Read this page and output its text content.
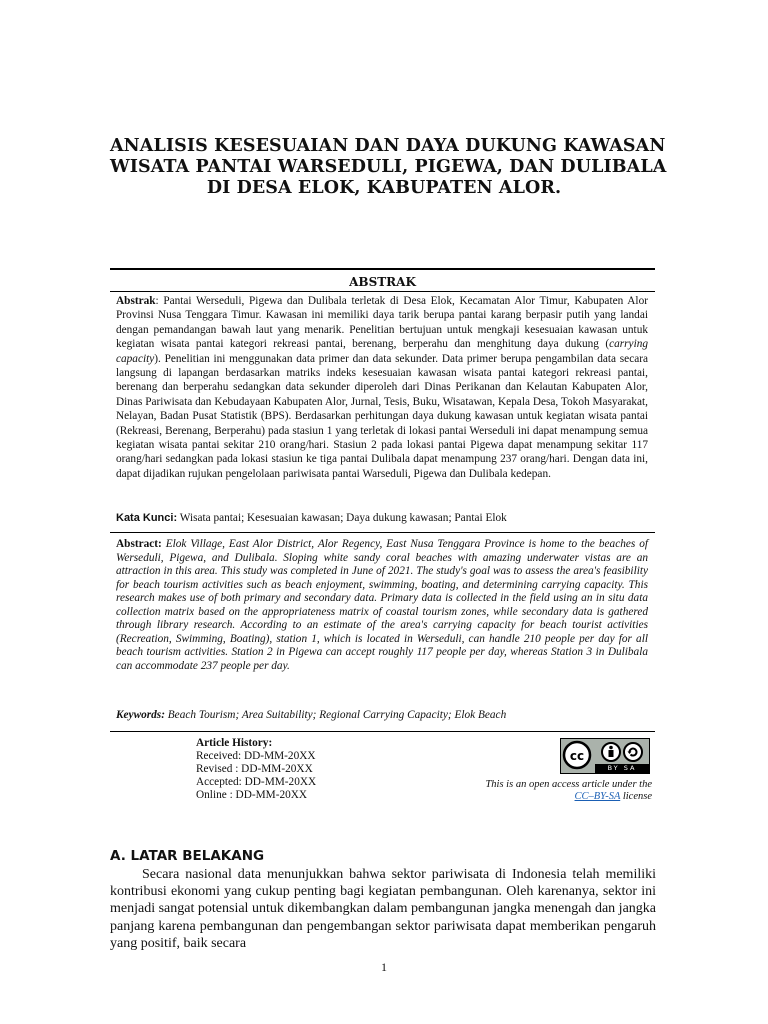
ANALISIS KESESUAIAN DAN DAYA DUKUNG KAWASAN
WISATA PANTAI WARSEDULI, PIGEWA, DAN DULIBALA
DI DESA ELOK, KABUPATEN ALOR.
ABSTRAK
Abstrak: Pantai Werseduli, Pigewa dan Dulibala terletak di Desa Elok, Kecamatan Alor Timur, Kabupaten Alor Provinsi Nusa Tenggara Timur. Kawasan ini memiliki daya tarik berupa pantai karang berpasir putih yang landai dengan pemandangan bawah laut yang menarik. Penelitian bertujuan untuk mengkaji kesesuaian kawasan untuk kegiatan wisata pantai kategori rekreasi pantai, berenang, berperahu dan menghitung daya dukung (carrying capacity). Penelitian ini menggunakan data primer dan data sekunder. Data primer berupa pengambilan data secara langsung di lapangan berdasarkan matriks indeks kesesuaian kawasan wisata pantai kategori rekreasi pantai, berenang dan berperahu sedangkan data sekunder diperoleh dari Dinas Perikanan dan Kelautan Kabupaten Alor, Dinas Pariwisata dan Kebudayaan Kabupaten Alor, Jurnal, Tesis, Buku, Wisatawan, Kepala Desa, Tokoh Masyarakat, Nelayan, Badan Pusat Statistik (BPS). Berdasarkan perhitungan daya dukung kawasan untuk kegiatan wisata pantai (Rekreasi, Berenang, Berperahu) pada stasiun 1 yang terletak di lokasi pantai Werseduli ini dapat menampung semua kegiatan wisata pantai sekitar 210 orang/hari. Stasiun 2 pada lokasi pantai Pigewa dapat menampung sekitar 117 orang/hari sedangkan pada lokasi stasiun ke tiga pantai Dulibala dapat menampung 237 orang/hari. Dengan data ini, dapat dijadikan rujukan pengelolaan pariwisata pantai Warseduli, Pigewa dan Dulibala kedepan.
Kata Kunci: Wisata pantai; Kesesuaian kawasan; Daya dukung kawasan; Pantai Elok
Abstract: Elok Village, East Alor District, Alor Regency, East Nusa Tenggara Province is home to the beaches of Werseduli, Pigewa, and Dulibala. Sloping white sandy coral beaches with amazing underwater vistas are an attraction in this area. This study was completed in June of 2021. The study's goal was to assess the area's feasibility for beach tourism activities such as beach enjoyment, swimming, boating, and determining carrying capacity. This research makes use of both primary and secondary data. Primary data is collected in the field using an in situ data collection matrix based on the appropriateness matrix of coastal tourism zones, while secondary data is gathered through library research. According to an estimate of the area's carrying capacity for beach tourist activities (Recreation, Swimming, Boating), station 1, which is located in Werseduli, can handle 210 people per day for all beach tourism activities. Station 2 in Pigewa can accept roughly 117 people per day, whereas Station 3 in Dulibala can accommodate 237 people per day.
Keywords: Beach Tourism; Area Suitability; Regional Carrying Capacity; Elok Beach
Article History:
Received: DD-MM-20XX
Revised : DD-MM-20XX
Accepted: DD-MM-20XX
Online : DD-MM-20XX
cc
BY SA
This is an open access article under the
CC–BY-SA license
A. LATAR BELAKANG

Secara nasional data menunjukkan bahwa sektor pariwisata di Indonesia telah memiliki kontribusi ekonomi yang cukup penting bagi kegiatan pembangunan. Oleh karenanya, sektor ini menjadi sangat potensial untuk dikembangkan dalam pembangunan jangka menengah dan jangka panjang karena pembangunan dan pengembangan sektor pariwisata dapat memberikan pengaruh yang positif, baik secara

1
